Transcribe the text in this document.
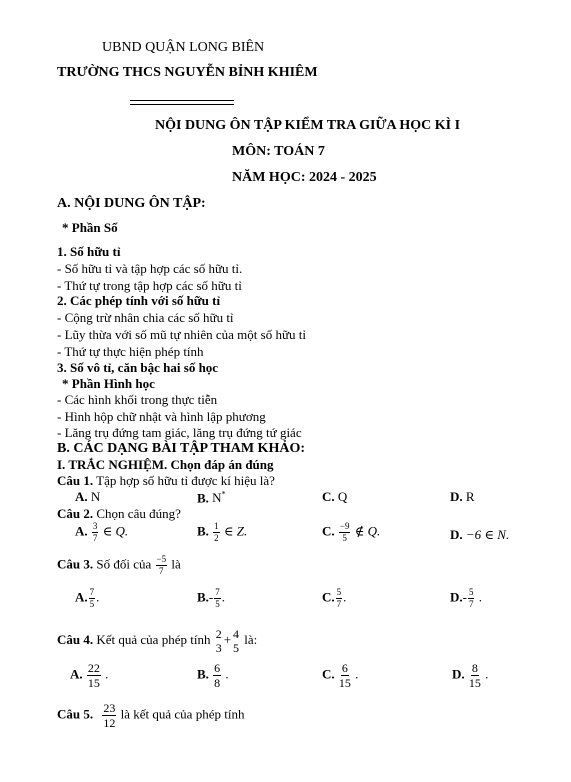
UBND QUẬN LONG BIÊN
TRƯỜNG THCS NGUYỄN BỈNH KHIÊM
NỘI DUNG ÔN TẬP KIỂM TRA GIỮA HỌC KÌ I
MÔN: TOÁN 7
NĂM HỌC: 2024 - 2025
A. NỘI DUNG ÔN TẬP:
* Phần Số
1. Số hữu tỉ
- Số hữu tỉ và tập hợp các số hữu tỉ.
- Thứ tự trong tập hợp các số hữu tỉ
2. Các phép tính với số hữu tỉ
- Cộng trừ nhân chia các số hữu tỉ
- Lũy thừa với số mũ tự nhiên của một số hữu tỉ
- Thứ tự thực hiện phép tính
3. Số vô tỉ, căn bậc hai số học
* Phần Hình học
- Các hình khối trong thực tiễn
- Hình hộp chữ nhật và hình lập phương
- Lăng trụ đứng tam giác, lăng trụ đứng tứ giác
B. CÁC DẠNG BÀI TẬP THAM KHẢO:
I. TRẮC NGHIỆM. Chọn đáp án đúng
Câu 1. Tập hợp số hữu tỉ được kí hiệu là?
A. N	B. N*	C. Q	D. R
Câu 2. Chọn câu đúng?
A. $\frac{3}{7}$ ∈ Q.	B. $\frac{1}{2}$ ∈ Z.	C. $\frac{-9}{5}$ ∉ Q.	D. −6 ∈ N.
Câu 3. Số đối của $\frac{-5}{7}$ là
A. $\frac{7}{5}$ .	$B.- \frac{7}{5}$ .	C. $\frac{5}{7}$ .	$D.- \frac{5}{7}$ .
Câu 4. Kết quả của phép tính 2
3
+ 4
5
là:
A. $\frac{22}{15}$ .	B. $\frac{6}{8}$ .	C. $\frac{6}{15}$ .	D. $\frac{8}{15}$ .
Câu 5. $\frac{23}{12}$ là kết quả của phép tính
